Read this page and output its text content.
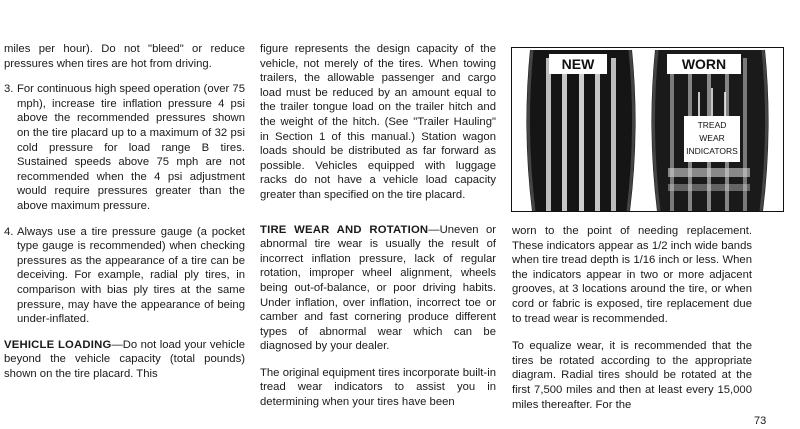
miles per hour). Do not "bleed" or reduce pressures when tires are hot from driving.

3. For continuous high speed operation (over 75 mph), increase tire inflation pressure 4 psi above the recommended pressures shown on the tire placard up to a maximum of 32 psi cold pressure for load range B tires. Sustained speeds above 75 mph are not recommended when the 4 psi adjustment would require pressures greater than the above maximum pressure.

4. Always use a tire pressure gauge (a pocket type gauge is recommended) when checking pressures as the appearance of a tire can be deceiving. For example, radial ply tires, in comparison with bias ply tires at the same pressure, may have the appearance of being under-inflated.

VEHICLE LOADING—Do not load your vehicle beyond the vehicle capacity (total pounds) shown on the tire placard. This

figure represents the design capacity of the vehicle, not merely of the tires. When towing trailers, the allowable passenger and cargo load must be reduced by an amount equal to the trailer tongue load on the trailer hitch and the weight of the hitch. (See "Trailer Hauling" in Section 1 of this manual.) Station wagon loads should be distributed as far forward as possible. Vehicles equipped with luggage racks do not have a vehicle load capacity greater than specified on the tire placard.

TIRE WEAR AND ROTATION—Uneven or abnormal tire wear is usually the result of incorrect inflation pressure, lack of regular rotation, improper wheel alignment, wheels being out-of-balance, or poor driving habits. Under inflation, over inflation, incorrect toe or camber and fast cornering produce different types of abnormal wear which can be diagnosed by your dealer.

The original equipment tires incorporate built-in tread wear indicators to assist you in determining when your tires have been

NEW	WORN
TREAD
WEAR
INDICATORS

worn to the point of needing replacement. These indicators appear as 1/2 inch wide bands when tire tread depth is 1/16 inch or less. When the indicators appear in two or more adjacent grooves, at 3 locations around the tire, or when cord or fabric is exposed, tire replacement due to tread wear is recommended.

To equalize wear, it is recommended that the tires be rotated according to the appropriate diagram. Radial tires should be rotated at the first 7,500 miles and then at least every 15,000 miles thereafter. For the

73
